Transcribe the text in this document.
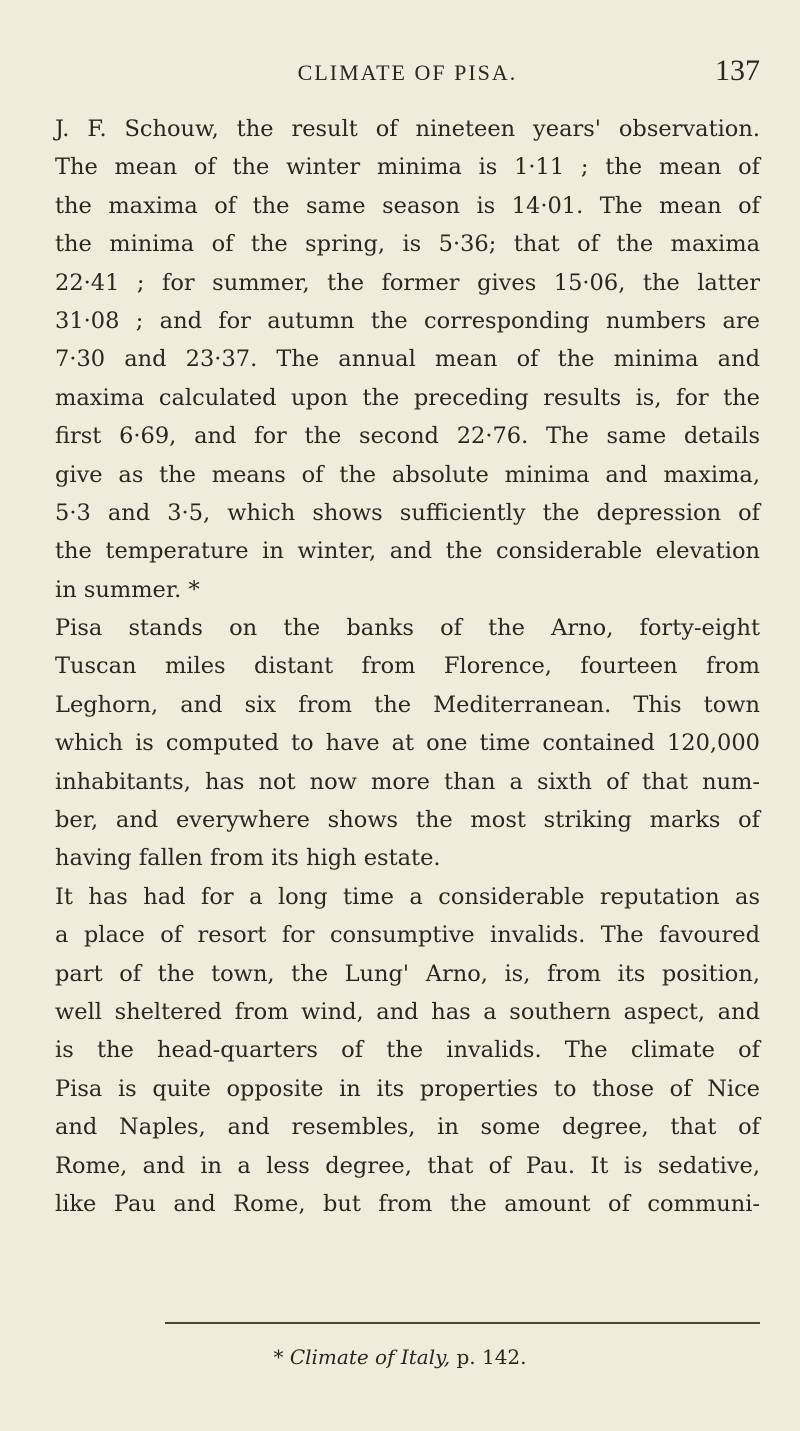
CLIMATE OF PISA.	137
J. F. Schouw, the result of nineteen years' observation.
The mean of the winter minima is 1·11 ; the mean of
the maxima of the same season is 14·01. The mean of
the minima of the spring, is 5·36; that of the maxima
22·41 ; for summer, the former gives 15·06, the latter
31·08 ; and for autumn the corresponding numbers are
7·30 and 23·37. The annual mean of the minima and
maxima calculated upon the preceding results is, for the
first 6·69, and for the second 22·76. The same details
give as the means of the absolute minima and maxima,
5·3 and 3·5, which shows sufficiently the depression of
the temperature in winter, and the considerable elevation
in summer. *
Pisa stands on the banks of the Arno, forty-eight
Tuscan miles distant from Florence, fourteen from
Leghorn, and six from the Mediterranean. This town
which is computed to have at one time contained 120,000
inhabitants, has not now more than a sixth of that num-
ber, and everywhere shows the most striking marks of
having fallen from its high estate.
It has had for a long time a considerable reputation as
a place of resort for consumptive invalids. The favoured
part of the town, the Lung' Arno, is, from its position,
well sheltered from wind, and has a southern aspect, and
is the head-quarters of the invalids. The climate of
Pisa is quite opposite in its properties to those of Nice
and Naples, and resembles, in some degree, that of
Rome, and in a less degree, that of Pau. It is sedative,
like Pau and Rome, but from the amount of communi-
* Climate of Italy, p. 142.
